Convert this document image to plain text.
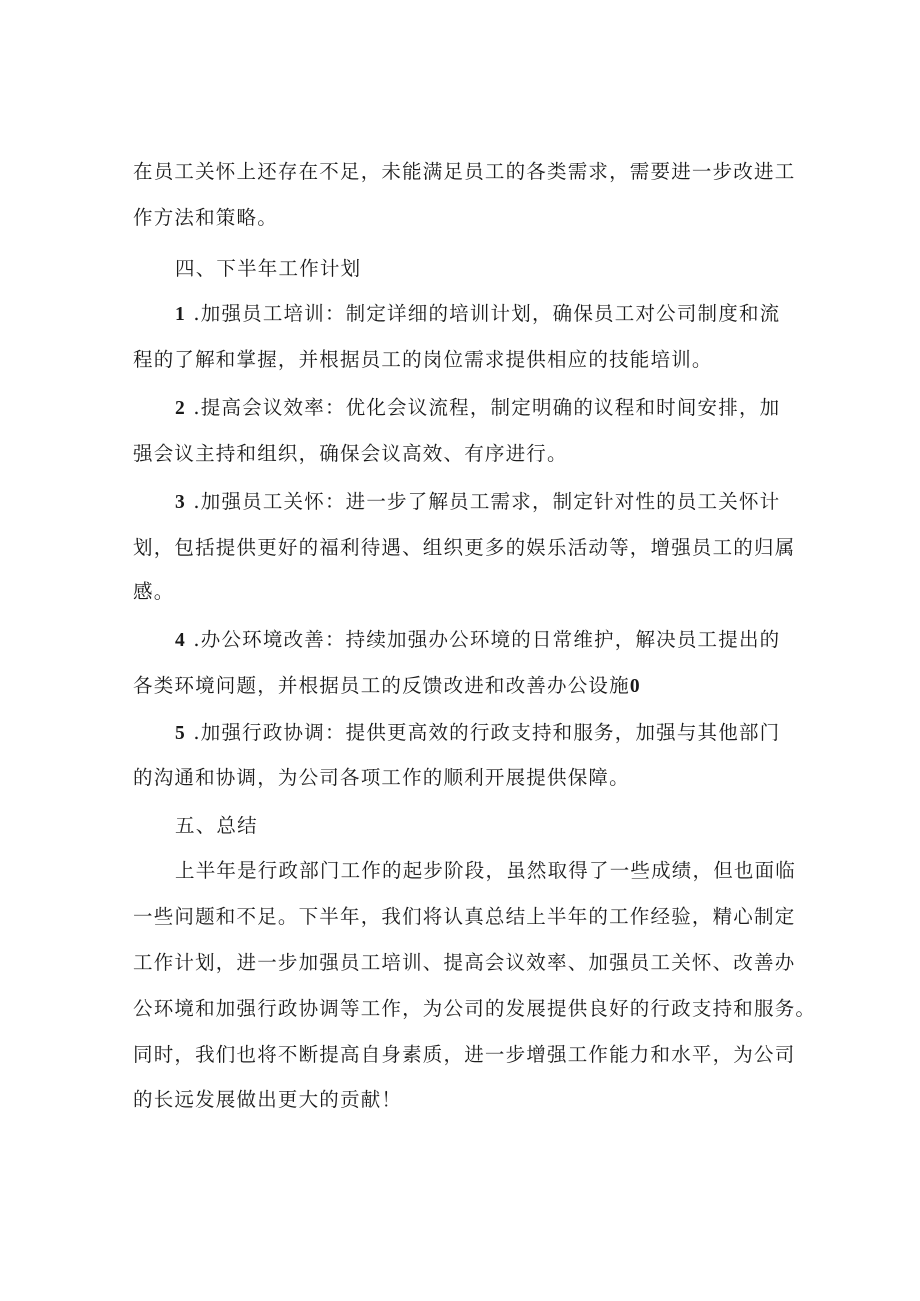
在员工关怀上还存在不足，未能满足员工的各类需求，需要进一步改进工
作方法和策略。
四、下半年工作计划
1 .加强员工培训：制定详细的培训计划，确保员工对公司制度和流
程的了解和掌握，并根据员工的岗位需求提供相应的技能培训。
2 .提高会议效率：优化会议流程，制定明确的议程和时间安排，加
强会议主持和组织，确保会议高效、有序进行。
3 .加强员工关怀：进一步了解员工需求，制定针对性的员工关怀计
划，包括提供更好的福利待遇、组织更多的娱乐活动等，增强员工的归属
感。
4 .办公环境改善：持续加强办公环境的日常维护，解决员工提出的
各类环境问题，并根据员工的反馈改进和改善办公设施0
5 .加强行政协调：提供更高效的行政支持和服务，加强与其他部门
的沟通和协调，为公司各项工作的顺利开展提供保障。
五、总结
上半年是行政部门工作的起步阶段，虽然取得了一些成绩，但也面临
一些问题和不足。下半年，我们将认真总结上半年的工作经验，精心制定
工作计划，进一步加强员工培训、提高会议效率、加强员工关怀、改善办
公环境和加强行政协调等工作，为公司的发展提供良好的行政支持和服务。
同时，我们也将不断提高自身素质，进一步增强工作能力和水平，为公司
的长远发展做出更大的贡献！
